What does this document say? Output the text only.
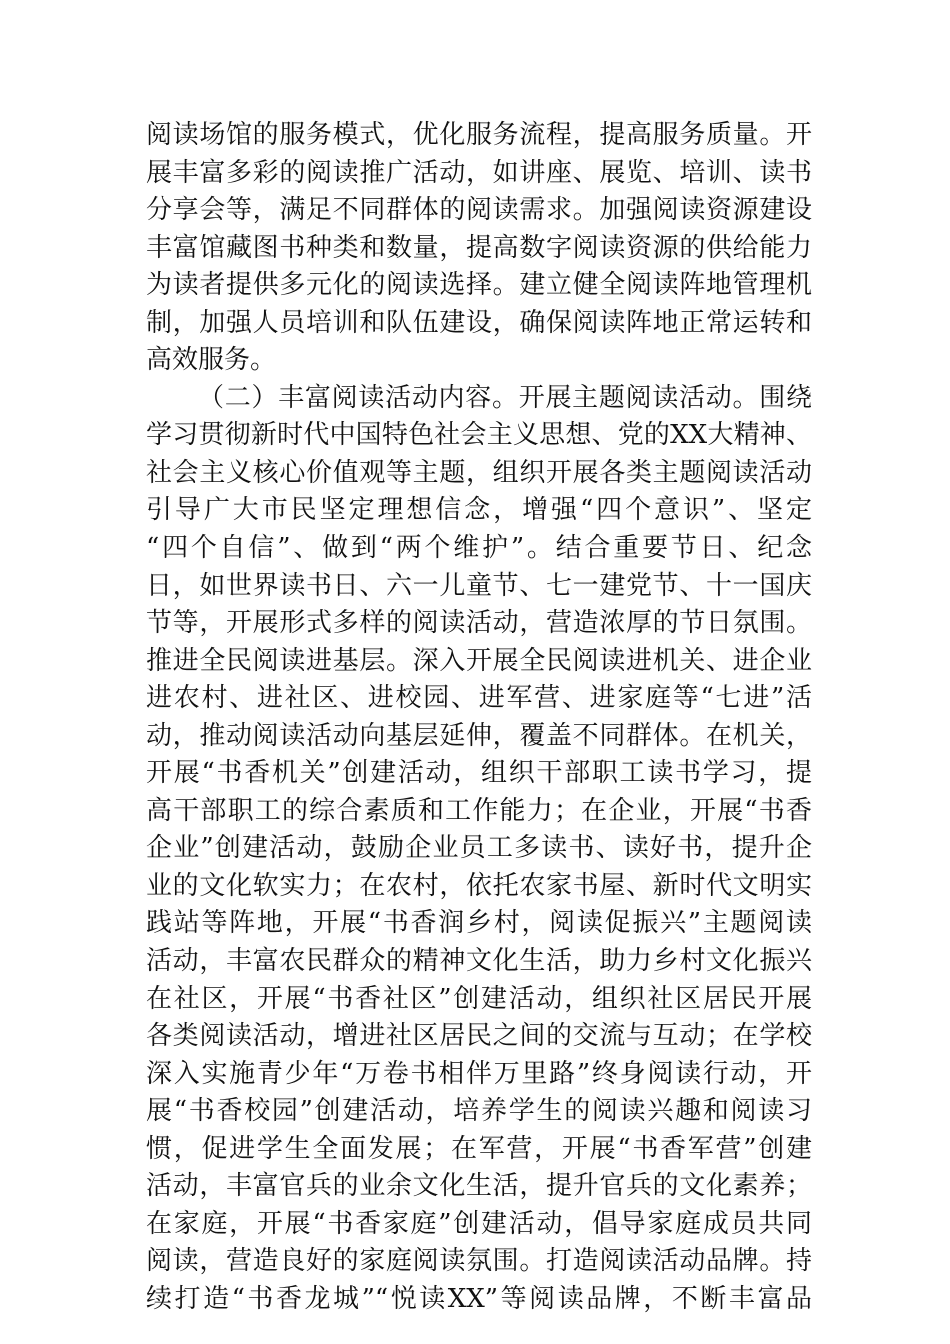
阅读场馆的服务模式，优化服务流程，提高服务质量。开
展丰富多彩的阅读推广活动，如讲座、展览、培训、读书
分享会等，满足不同群体的阅读需求。加强阅读资源建设
丰富馆藏图书种类和数量，提高数字阅读资源的供给能力
为读者提供多元化的阅读选择。建立健全阅读阵地管理机
制，加强人员培训和队伍建设，确保阅读阵地正常运转和
高效服务。
（二）丰富阅读活动内容。开展主题阅读活动。围绕
学习贯彻新时代中国特色社会主义思想、党的XX大精神、
社会主义核心价值观等主题，组织开展各类主题阅读活动
引导广大市民坚定理想信念，增强“四个意识”、坚定
“四个自信”、做到“两个维护”。结合重要节日、纪念
日，如世界读书日、六一儿童节、七一建党节、十一国庆
节等，开展形式多样的阅读活动，营造浓厚的节日氛围。
推进全民阅读进基层。深入开展全民阅读进机关、进企业
进农村、进社区、进校园、进军营、进家庭等“七进”活
动，推动阅读活动向基层延伸，覆盖不同群体。在机关，
开展“书香机关”创建活动，组织干部职工读书学习，提
高干部职工的综合素质和工作能力；在企业，开展“书香
企业”创建活动，鼓励企业员工多读书、读好书，提升企
业的文化软实力；在农村，依托农家书屋、新时代文明实
践站等阵地，开展“书香润乡村，阅读促振兴”主题阅读
活动，丰富农民群众的精神文化生活，助力乡村文化振兴
在社区，开展“书香社区”创建活动，组织社区居民开展
各类阅读活动，增进社区居民之间的交流与互动；在学校
深入实施青少年“万卷书相伴万里路”终身阅读行动，开
展“书香校园”创建活动，培养学生的阅读兴趣和阅读习
惯，促进学生全面发展；在军营，开展“书香军营”创建
活动，丰富官兵的业余文化生活，提升官兵的文化素养；
在家庭，开展“书香家庭”创建活动，倡导家庭成员共同
阅读，营造良好的家庭阅读氛围。打造阅读活动品牌。持
续打造“书香龙城”“悦读XX”等阅读品牌，不断丰富品
